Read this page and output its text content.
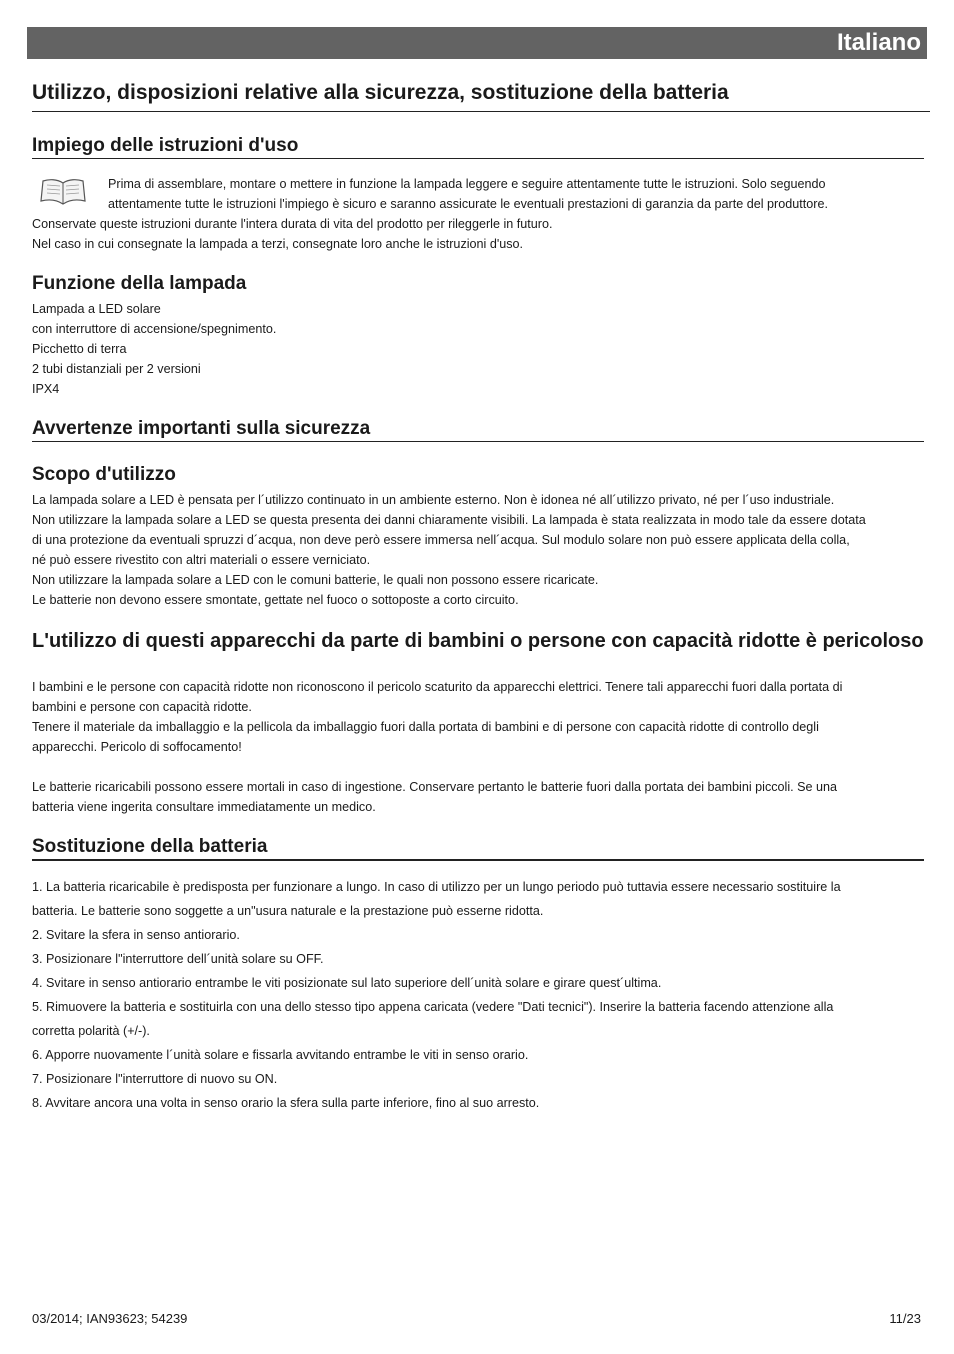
Italiano
Utilizzo, disposizioni relative alla sicurezza, sostituzione della batteria
Impiego delle istruzioni d'uso
Prima di assemblare, montare o mettere in funzione la lampada leggere e seguire attentamente tutte le istruzioni. Solo seguendo
attentamente tutte le istruzioni l'impiego è sicuro e saranno assicurate le eventuali prestazioni di garanzia da parte del produttore.
Conservate queste istruzioni durante l'intera durata di vita del prodotto per rileggerle in futuro.
Nel caso in cui consegnate la lampada a terzi, consegnate loro anche le istruzioni d'uso.
Funzione della lampada
Lampada a LED solare
con interruttore di accensione/spegnimento.
Picchetto di terra
2 tubi distanziali per 2 versioni
IPX4
Avvertenze importanti sulla sicurezza
Scopo d'utilizzo
La lampada solare a LED è pensata per l´utilizzo continuato in un ambiente esterno. Non è idonea né all´utilizzo privato, né per l´uso industriale.
Non utilizzare la lampada solare a LED se questa presenta dei danni chiaramente visibili. La lampada è stata realizzata in modo tale da essere dotata
di una protezione da eventuali spruzzi d´acqua, non deve però essere immersa nell´acqua. Sul modulo solare non può essere applicata della colla,
né può essere rivestito con altri materiali o essere verniciato.
Non utilizzare la lampada solare a LED con le comuni batterie, le quali non possono essere ricaricate.
Le batterie non devono essere smontate, gettate nel fuoco o sottoposte a corto circuito.
L'utilizzo di questi apparecchi da parte di bambini o persone con capacità ridotte è pericoloso
I bambini e le persone con capacità ridotte non riconoscono il pericolo scaturito da apparecchi elettrici. Tenere tali apparecchi fuori dalla portata di
bambini e persone con capacità ridotte.
Tenere il materiale da imballaggio e la pellicola da imballaggio fuori dalla portata di bambini e di persone con capacità ridotte di controllo degli
apparecchi. Pericolo di soffocamento!
Le batterie ricaricabili possono essere mortali in caso di ingestione. Conservare pertanto le batterie fuori dalla portata dei bambini piccoli. Se una
batteria viene ingerita consultare immediatamente un medico.
Sostituzione della batteria
1. La batteria ricaricabile è predisposta per funzionare a lungo. In caso di utilizzo per un lungo periodo può tuttavia essere necessario sostituire la
batteria. Le batterie sono soggette a un"usura naturale e la prestazione può esserne ridotta.
2. Svitare la sfera in senso antiorario.
3. Posizionare l"interruttore dell´unità solare su OFF.
4. Svitare in senso antiorario entrambe le viti posizionate sul lato superiore dell´unità solare e girare quest´ultima.
5. Rimuovere la batteria e sostituirla con una dello stesso tipo appena caricata (vedere "Dati tecnici"). Inserire la batteria facendo attenzione alla
corretta polarità (+/-).
6. Apporre nuovamente l´unità solare e fissarla avvitando entrambe le viti in senso orario.
7. Posizionare l"interruttore di nuovo su ON.
8. Avvitare ancora una volta in senso orario la sfera sulla parte inferiore, fino al suo arresto.
03/2014; IAN93623; 54239	11/23
